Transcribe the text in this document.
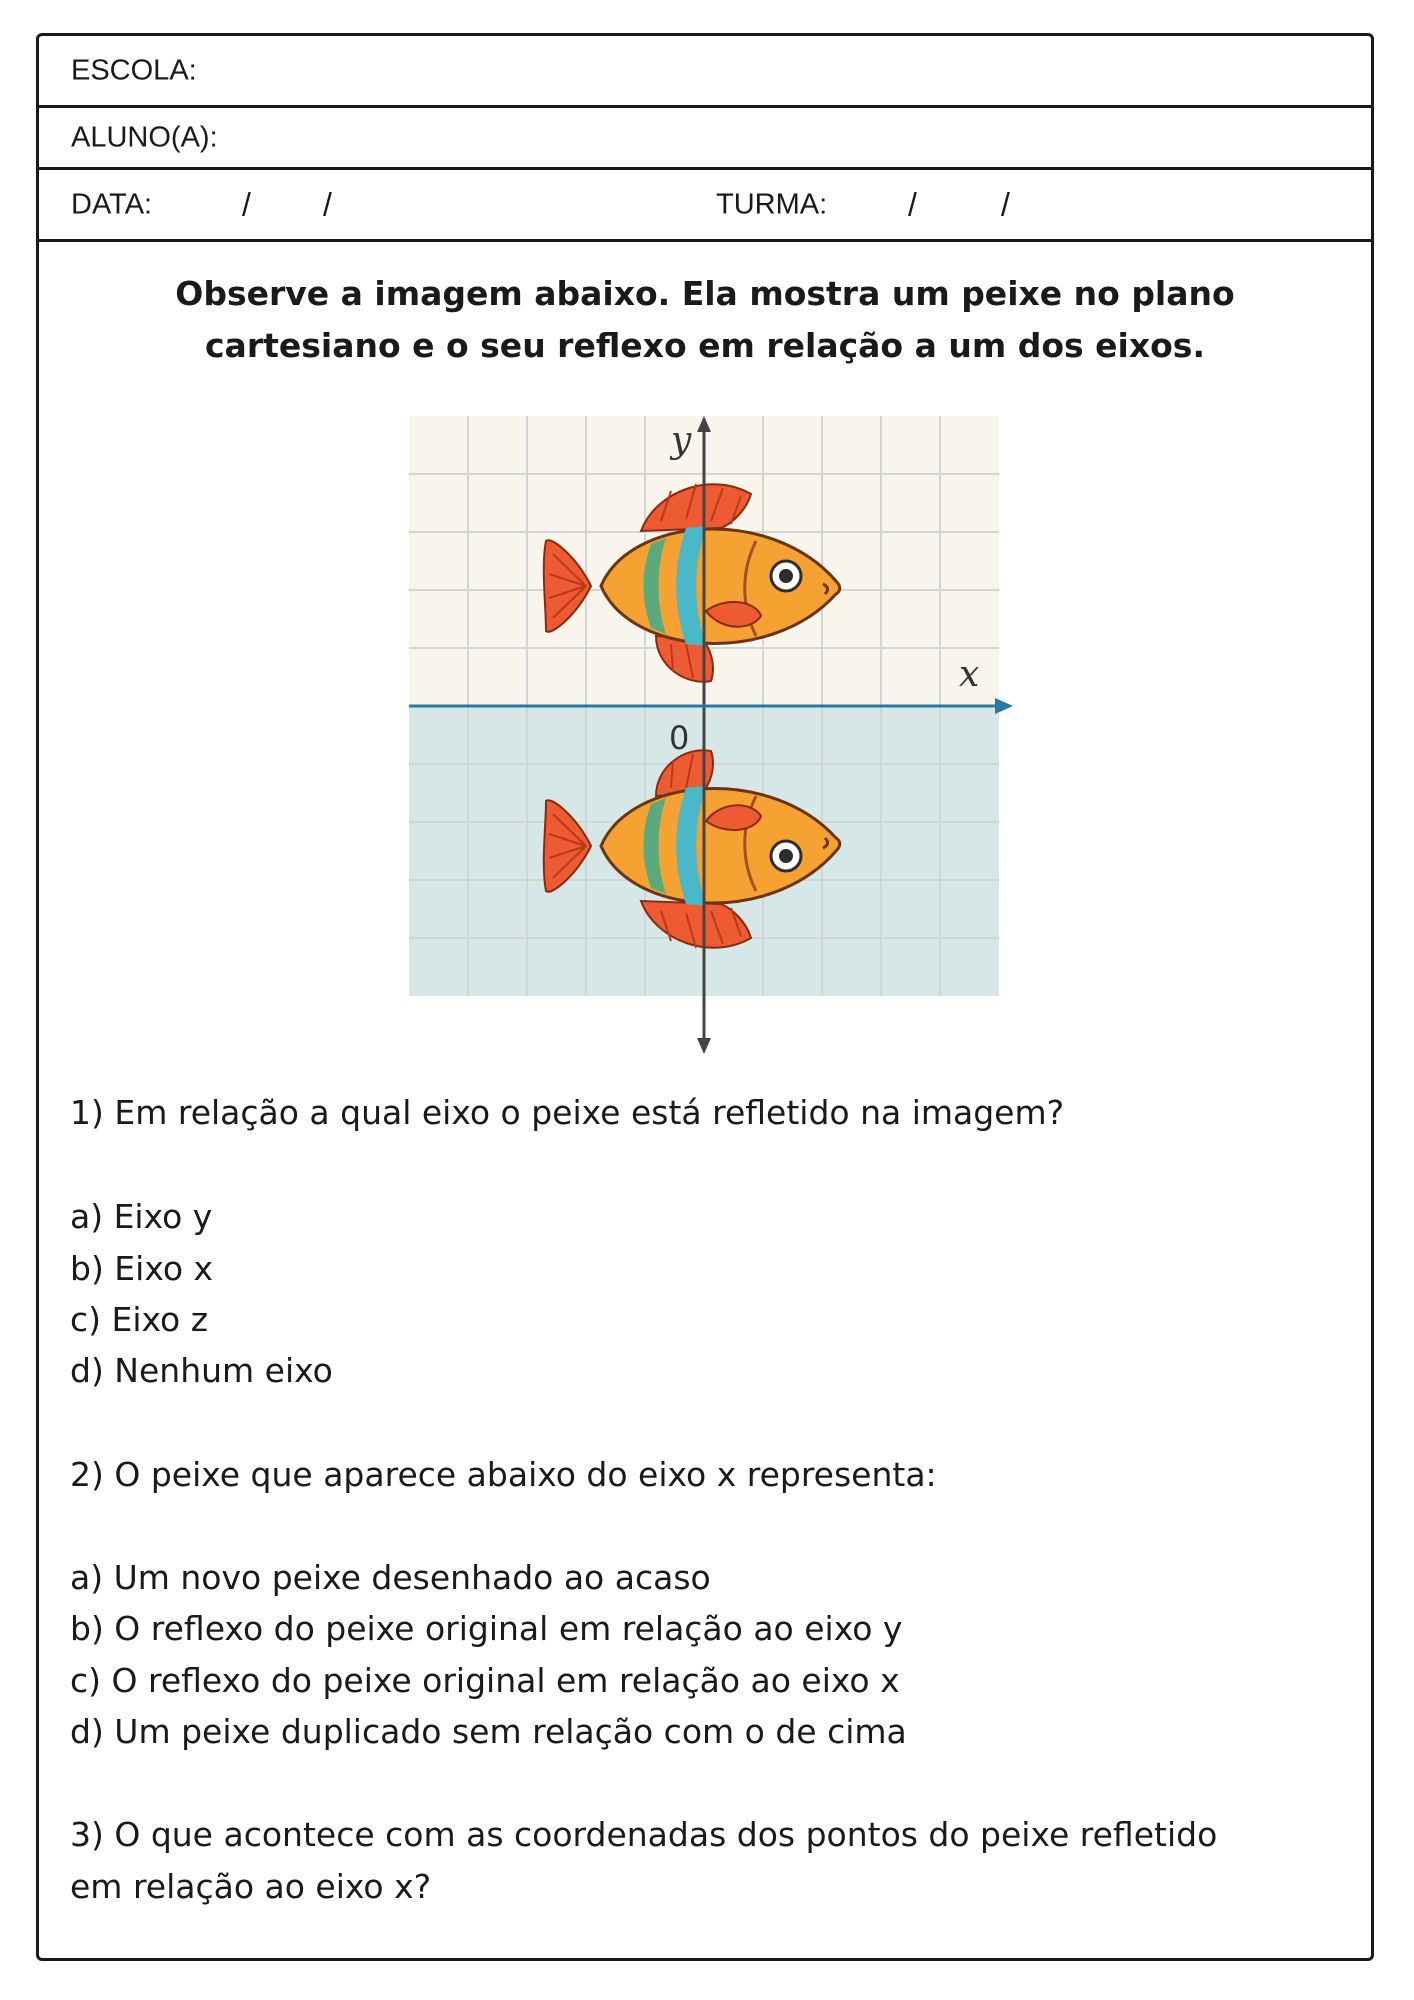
ESCOLA:
ALUNO(A):
DATA:	/ /	TURMA:	/	/
Observe a imagem abaixo. Ela mostra um peixe no plano
cartesiano e o seu reflexo em relação a um dos eixos.
y
x
0
1) Em relação a qual eixo o peixe está refletido na imagem?
a) Eixo y
b) Eixo x
c) Eixo z
d) Nenhum eixo
2) O peixe que aparece abaixo do eixo x representa:
a) Um novo peixe desenhado ao acaso
b) O reflexo do peixe original em relação ao eixo y
c) O reflexo do peixe original em relação ao eixo x
d) Um peixe duplicado sem relação com o de cima
3) O que acontece com as coordenadas dos pontos do peixe refletido
em relação ao eixo x?
